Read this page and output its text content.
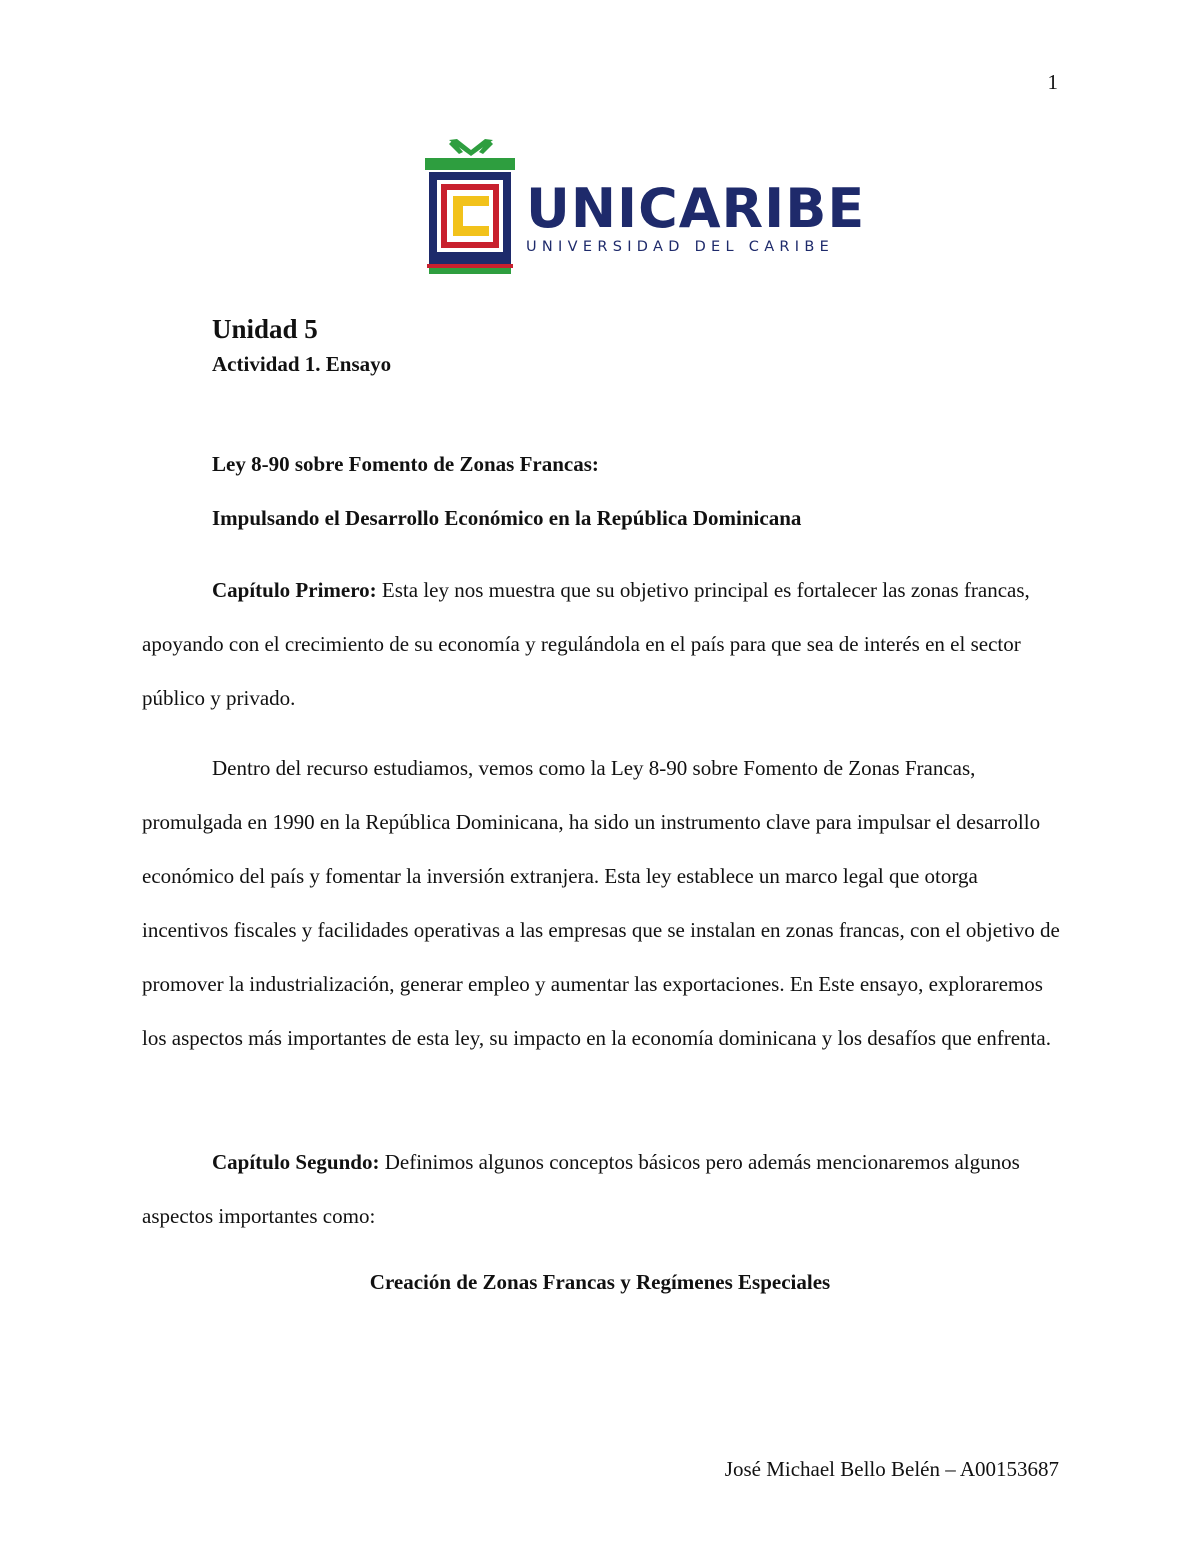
1
UNICARIBE
UNIVERSIDAD DEL CARIBE
Unidad 5
Actividad 1. Ensayo
Ley 8-90 sobre Fomento de Zonas Francas:
Impulsando el Desarrollo Económico en la República Dominicana

Capítulo Primero: Esta ley nos muestra que su objetivo principal es fortalecer las zonas francas, apoyando con el crecimiento de su economía y regulándola en el país para que sea de interés en el sector público y privado.

Dentro del recurso estudiamos, vemos como la Ley 8-90 sobre Fomento de Zonas Francas, promulgada en 1990 en la República Dominicana, ha sido un instrumento clave para impulsar el desarrollo económico del país y fomentar la inversión extranjera. Esta ley establece un marco legal que otorga incentivos fiscales y facilidades operativas a las empresas que se instalan en zonas francas, con el objetivo de promover la industrialización, generar empleo y aumentar las exportaciones. En Este ensayo, exploraremos los aspectos más importantes de esta ley, su impacto en la economía dominicana y los desafíos que enfrenta.

Capítulo Segundo: Definimos algunos conceptos básicos pero además mencionaremos algunos aspectos importantes como:

Creación de Zonas Francas y Regímenes Especiales
José Michael Bello Belén – A00153687
